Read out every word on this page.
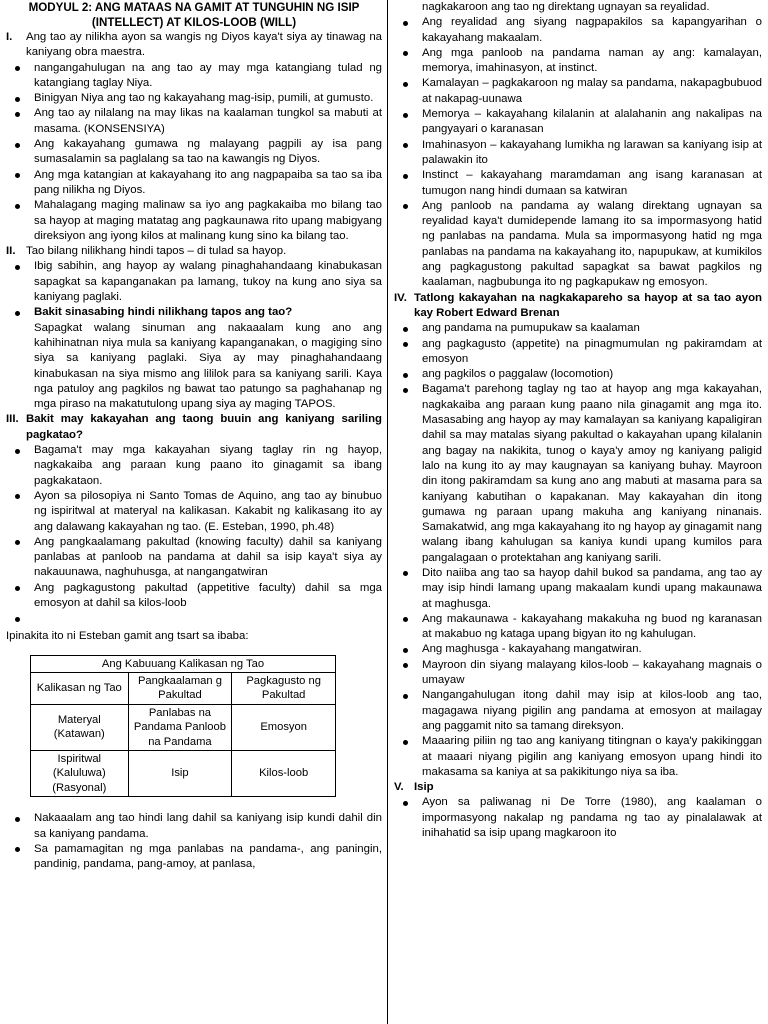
MODYUL 2: ANG MATAAS NA GAMIT AT TUNGUHIN NG ISIP (INTELLECT) AT KILOS-LOOB (WILL)

I.	Ang tao ay nilikha ayon sa wangis ng Diyos kaya't siya ay tinawag na kaniyang obra maestra.
nangangahulugan na ang tao ay may mga katangiang tulad ng katangiang taglay Niya.
Binigyan Niya ang tao ng kakayahang mag-isip, pumili, at gumusto.
Ang tao ay nilalang na may likas na kaalaman tungkol sa mabuti at masama. (KONSENSIYA)
Ang kakayahang gumawa ng malayang pagpili ay isa pang sumasalamin sa paglalang sa tao na kawangis ng Diyos.
Ang mga katangian at kakayahang ito ang nagpapaiba sa tao sa iba pang nilikha ng Diyos.
Mahalagang maging malinaw sa iyo ang pagkakaiba mo bilang tao sa hayop at maging matatag ang pagkaunawa rito upang mabigyang direksiyon ang iyong kilos at malinang kung sino ka bilang tao.
II. Tao bilang nilikhang hindi tapos – di tulad sa hayop.
Ibig sabihin, ang hayop ay walang pinaghahandaang kinabukasan sapagkat sa kapanganakan pa lamang, tukoy na kung ano siya sa kaniyang paglaki.
Bakit sinasabing hindi nilikhang tapos ang tao?

Sapagkat walang sinuman ang nakaaalam kung ano ang kahihinatnan niya mula sa kaniyang kapanganakan, o magiging sino siya sa kaniyang paglaki. Siya ay may pinaghahandaang kinabukasan na siya mismo ang lililok para sa kaniyang sarili. Kaya nga patuloy ang pagkilos ng bawat tao patungo sa paghahanap ng mga piraso na makatutulong upang siya ay maging TAPOS.

III. Bakit may kakayahan ang taong buuin ang kaniyang sariling pagkatao?
Bagama't may mga kakayahan siyang taglay rin ng hayop, nagkakaiba ang paraan kung paano ito ginagamit sa ibang pagkakataon.
Ayon sa pilosopiya ni Santo Tomas de Aquino, ang tao ay binubuo ng ispiritwal at materyal na kalikasan. Kakabit ng kalikasang ito ay ang dalawang kakayahan ng tao. (E. Esteban, 1990, ph.48)
Ang pangkaalamang pakultad (knowing faculty) dahil sa kaniyang panlabas at panloob na pandama at dahil sa isip kaya't siya ay nakauunawa, naghuhusga, at nangangatwiran
Ang pagkagustong pakultad (appetitive faculty) dahil sa mga emosyon at dahil sa kilos-loob

Ipinakita ito ni Esteban gamit ang tsart sa ibaba:

Ang Kabuuang Kalikasan ng Tao		
Kalikasan ng Tao	Pangkaalaman g Pakultad	Pagkagusto ng Pakultad
Materyal (Katawan)	Panlabas na Pandama Panloob na Pandama	Emosyon
Ispiritwal (Kaluluwa) (Rasyonal)	Isip	Kilos-loob
Nakaaalam ang tao hindi lang dahil sa kaniyang isip kundi dahil din sa kaniyang pandama.
Sa pamamagitan ng mga panlabas na pandama-, ang paningin, pandinig, pandama, pang-amoy, at panlasa,

nagkakaroon ang tao ng direktang ugnayan sa reyalidad.

Ang reyalidad ang siyang nagpapakilos sa kapangyarihan o kakayahang makaalam.
Ang mga panloob na pandama naman ay ang: kamalayan, memorya, imahinasyon, at instinct.
Kamalayan – pagkakaroon ng malay sa pandama, nakapagbubuod at nakapag-uunawa
Memorya – kakayahang kilalanin at alalahanin ang nakalipas na pangyayari o karanasan
Imahinasyon – kakayahang lumikha ng larawan sa kaniyang isip at palawakin ito
Instinct – kakayahang maramdaman ang isang karanasan at tumugon nang hindi dumaan sa katwiran
Ang panloob na pandama ay walang direktang ugnayan sa reyalidad kaya't dumidepende lamang ito sa impormasyong hatid ng panlabas na pandama. Mula sa impormasyong hatid ng mga panlabas na pandama na kakayahang ito, napupukaw, at kumikilos ang pagkagustong pakultad sapagkat sa bawat pagkilos ng kaalaman, nagbubunga ito ng pagkapukaw ng emosyon.
IV. Tatlong kakayahan na nagkakapareho sa hayop at sa tao ayon kay Robert Edward Brenan
ang pandama na pumupukaw sa kaalaman
ang pagkagusto (appetite) na pinagmumulan ng pakiramdam at emosyon
ang pagkilos o paggalaw (locomotion)
Bagama't parehong taglay ng tao at hayop ang mga kakayahan, nagkakaiba ang paraan kung paano nila ginagamit ang mga ito. Masasabing ang hayop ay may kamalayan sa kaniyang kapaligiran dahil sa may matalas siyang pakultad o kakayahan upang kilalanin ang bagay na nakikita, tunog o kaya'y amoy ng kaniyang paligid lalo na kung ito ay may kaugnayan sa kaniyang buhay. Mayroon din itong pakiramdam sa kung ano ang mabuti at masama para sa kaniyang kabutihan o kapakanan. May kakayahan din itong gumawa ng paraan upang makuha ang kaniyang ninanais. Samakatwid, ang mga kakayahang ito ng hayop ay ginagamit nang walang ibang kahulugan sa kaniya kundi upang kumilos para pangalagaan o protektahan ang kaniyang sarili.
Dito naiiba ang tao sa hayop dahil bukod sa pandama, ang tao ay may isip hindi lamang upang makaalam kundi upang makaunawa at maghusga.
Ang makaunawa - kakayahang makakuha ng buod ng karanasan at makabuo ng kataga upang bigyan ito ng kahulugan.
Ang maghusga - kakayahang mangatwiran.
Mayroon din siyang malayang kilos-loob – kakayahang magnais o umayaw
Nangangahulugan itong dahil may isip at kilos-loob ang tao, magagawa niyang pigilin ang pandama at emosyon at mailagay ang paggamit nito sa tamang direksyon.
Maaaring piliin ng tao ang kaniyang titingnan o kaya'y pakikinggan at maaari niyang pigilin ang kaniyang emosyon upang hindi ito makasama sa kaniya at sa pakikitungo niya sa iba.
V. Isip
Ayon sa paliwanag ni De Torre (1980), ang kaalaman o impormasyong nakalap ng pandama ng tao ay pinalalawak at inihahatid sa isip upang magkaroon ito
